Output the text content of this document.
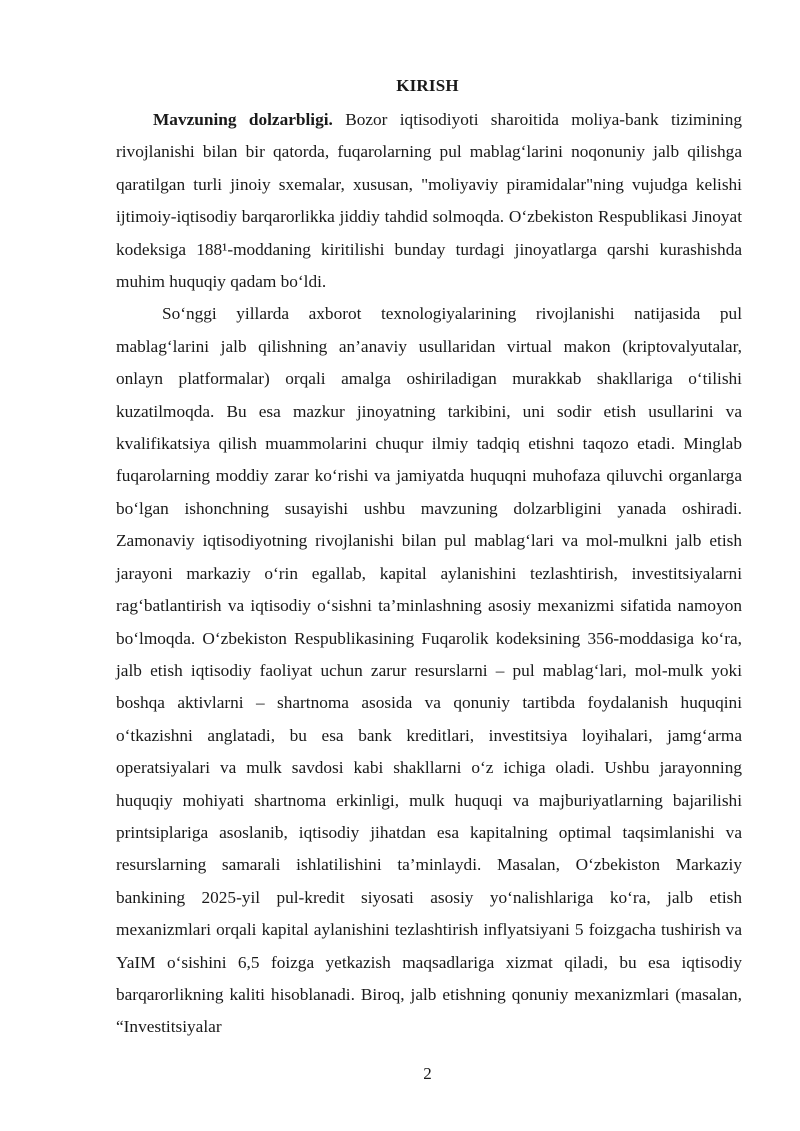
KIRISH

Mavzuning dolzarbligi. Bozor iqtisodiyoti sharoitida moliya-bank tizimining rivojlanishi bilan bir qatorda, fuqarolarning pul mablag‘larini noqonuniy jalb qilishga qaratilgan turli jinoiy sxemalar, xususan, "moliyaviy piramidalar"ning vujudga kelishi ijtimoiy-iqtisodiy barqarorlikka jiddiy tahdid solmoqda. O‘zbekiston Respublikasi Jinoyat kodeksiga 188¹-moddaning kiritilishi bunday turdagi jinoyatlarga qarshi kurashishda muhim huquqiy qadam bo‘ldi.

So‘nggi yillarda axborot texnologiyalarining rivojlanishi natijasida pul mablag‘larini jalb qilishning an’anaviy usullaridan virtual makon (kriptovalyutalar, onlayn platformalar) orqali amalga oshiriladigan murakkab shakllariga o‘tilishi kuzatilmoqda. Bu esa mazkur jinoyatning tarkibini, uni sodir etish usullarini va kvalifikatsiya qilish muammolarini chuqur ilmiy tadqiq etishni taqozo etadi. Minglab fuqarolarning moddiy zarar ko‘rishi va jamiyatda huquqni muhofaza qiluvchi organlarga bo‘lgan ishonchning susayishi ushbu mavzuning dolzarbligini yanada oshiradi. Zamonaviy iqtisodiyotning rivojlanishi bilan pul mablag‘lari va mol-mulkni jalb etish jarayoni markaziy o‘rin egallab, kapital aylanishini tezlashtirish, investitsiyalarni rag‘batlantirish va iqtisodiy o‘sishni ta’minlashning asosiy mexanizmi sifatida namoyon bo‘lmoqda. O‘zbekiston Respublikasining Fuqarolik kodeksining 356-moddasiga ko‘ra, jalb etish iqtisodiy faoliyat uchun zarur resurslarni – pul mablag‘lari, mol-mulk yoki boshqa aktivlarni – shartnoma asosida va qonuniy tartibda foydalanish huquqini o‘tkazishni anglatadi, bu esa bank kreditlari, investitsiya loyihalari, jamg‘arma operatsiyalari va mulk savdosi kabi shakllarni o‘z ichiga oladi. Ushbu jarayonning huquqiy mohiyati shartnoma erkinligi, mulk huquqi va majburiyatlarning bajarilishi printsiplariga asoslanib, iqtisodiy jihatdan esa kapitalning optimal taqsimlanishi va resurslarning samarali ishlatilishini ta’minlaydi. Masalan, O‘zbekiston Markaziy bankining 2025-yil pul-kredit siyosati asosiy yo‘nalishlariga ko‘ra, jalb etish mexanizmlari orqali kapital aylanishini tezlashtirish inflyatsiyani 5 foizgacha tushirish va YaIM o‘sishini 6,5 foizga yetkazish maqsadlariga xizmat qiladi, bu esa iqtisodiy barqarorlikning kaliti hisoblanadi. Biroq, jalb etishning qonuniy mexanizmlari (masalan, “Investitsiyalar

2
